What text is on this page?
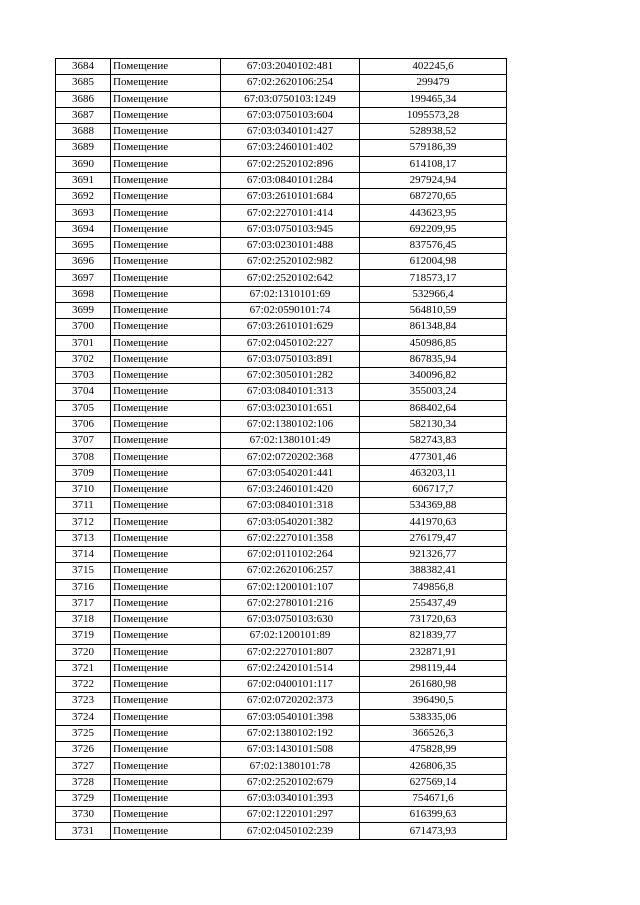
3684	Помещение	67:03:2040102:481	402245,6
3685	Помещение	67:02:2620106:254	299479
3686	Помещение	67:03:0750103:1249	199465,34
3687	Помещение	67:03:0750103:604	1095573,28
3688	Помещение	67:03:0340101:427	528938,52
3689	Помещение	67:03:2460101:402	579186,39
3690	Помещение	67:02:2520102:896	614108,17
3691	Помещение	67:03:0840101:284	297924,94
3692	Помещение	67:03:2610101:684	687270,65
3693	Помещение	67:02:2270101:414	443623,95
3694	Помещение	67:03:0750103:945	692209,95
3695	Помещение	67:03:0230101:488	837576,45
3696	Помещение	67:02:2520102:982	612004,98
3697	Помещение	67:02:2520102:642	718573,17
3698	Помещение	67:02:1310101:69	532966,4
3699	Помещение	67:02:0590101:74	564810,59
3700	Помещение	67:03:2610101:629	861348,84
3701	Помещение	67:02:0450102:227	450986,85
3702	Помещение	67:03:0750103:891	867835,94
3703	Помещение	67:02:3050101:282	340096,82
3704	Помещение	67:03:0840101:313	355003,24
3705	Помещение	67:03:0230101:651	868402,64
3706	Помещение	67:02:1380102:106	582130,34
3707	Помещение	67:02:1380101:49	582743,83
3708	Помещение	67:02:0720202:368	477301,46
3709	Помещение	67:03:0540201:441	463203,11
3710	Помещение	67:03:2460101:420	606717,7
3711	Помещение	67:03:0840101:318	534369,88
3712	Помещение	67:03:0540201:382	441970,63
3713	Помещение	67:02:2270101:358	276179,47
3714	Помещение	67:02:0110102:264	921326,77
3715	Помещение	67:02:2620106:257	388382,41
3716	Помещение	67:02:1200101:107	749856,8
3717	Помещение	67:02:2780101:216	255437,49
3718	Помещение	67:03:0750103:630	731720,63
3719	Помещение	67:02:1200101:89	821839,77
3720	Помещение	67:02:2270101:807	232871,91
3721	Помещение	67:02:2420101:514	298119,44
3722	Помещение	67:02:0400101:117	261680,98
3723	Помещение	67:02:0720202:373	396490,5
3724	Помещение	67:03:0540101:398	538335,06
3725	Помещение	67:02:1380102:192	366526,3
3726	Помещение	67:03:1430101:508	475828,99
3727	Помещение	67:02:1380101:78	426806,35
3728	Помещение	67:02:2520102:679	627569,14
3729	Помещение	67:03:0340101:393	754671,6
3730	Помещение	67:02:1220101:297	616399,63
3731	Помещение	67:02:0450102:239	671473,93
